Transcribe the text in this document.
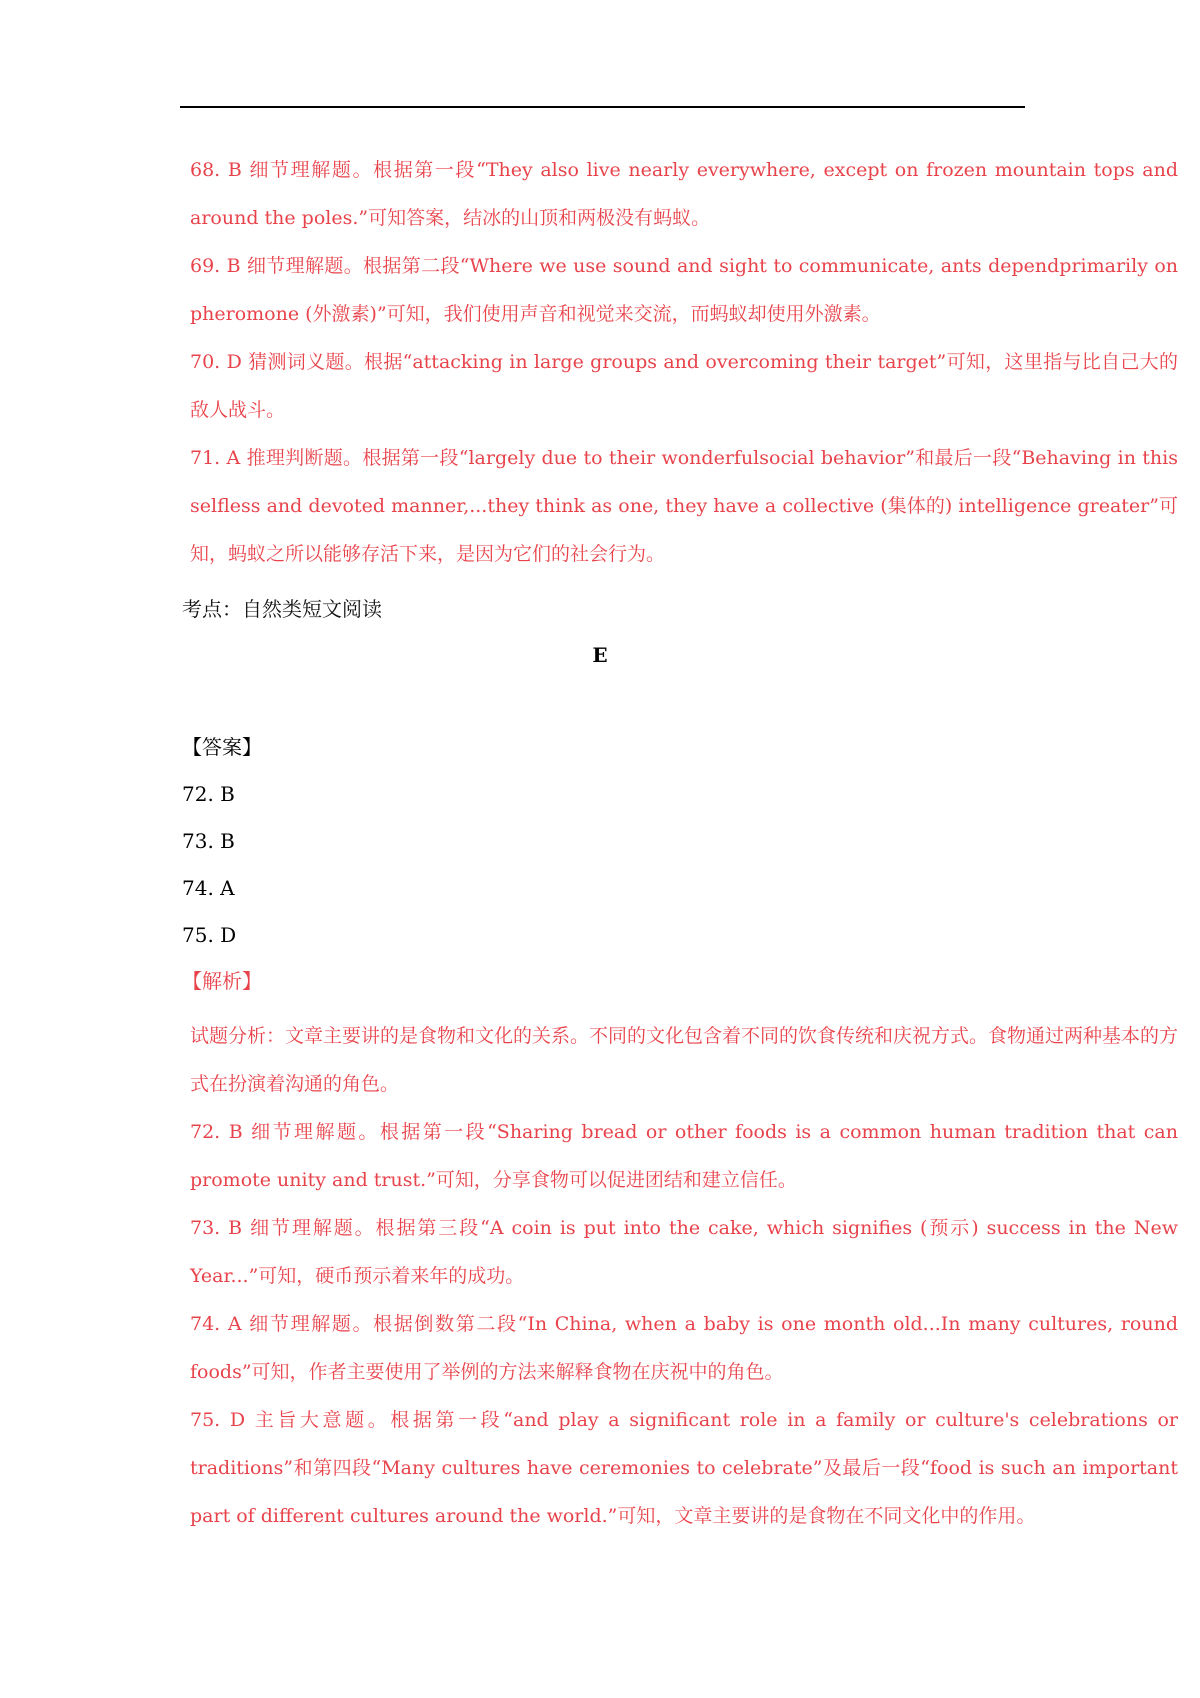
68. B 细节理解题。根据第一段“They also live nearly everywhere, except on frozen mountain tops and around the poles.”可知答案，结冰的山顶和两极没有蚂蚁。

69. B 细节理解题。根据第二段“Where we use sound and sight to communicate, ants dependprimarily on pheromone (外激素)”可知，我们使用声音和视觉来交流，而蚂蚁却使用外激素。

70. D 猜测词义题。根据“attacking in large groups and overcoming their target”可知，这里指与比自己大的敌人战斗。

71. A 推理判断题。根据第一段“largely due to their wonderfulsocial behavior”和最后一段“Behaving in this selfless and devoted manner,...they think as one, they have a collective (集体的) intelligence greater”可知，蚂蚁之所以能够存活下来，是因为它们的社会行为。

考点：自然类短文阅读
E
【答案】
72. B
73. B
74. A
75. D
【解析】

试题分析：文章主要讲的是食物和文化的关系。不同的文化包含着不同的饮食传统和庆祝方式。食物通过两种基本的方式在扮演着沟通的角色。

72. B 细节理解题。根据第一段“Sharing bread or other foods is a common human tradition that can promote unity and trust.”可知，分享食物可以促进团结和建立信任。

73. B 细节理解题。根据第三段“A coin is put into the cake, which signifies (预示) success in the New Year...”可知，硬币预示着来年的成功。

74. A 细节理解题。根据倒数第二段“In China, when a baby is one month old...In many cultures, round foods”可知，作者主要使用了举例的方法来解释食物在庆祝中的角色。

75. D 主旨大意题。根据第一段“and play a significant role in a family or culture's celebrations or traditions”和第四段“Many cultures have ceremonies to celebrate”及最后一段“food is such an important part of different cultures around the world.”可知，文章主要讲的是食物在不同文化中的作用。
